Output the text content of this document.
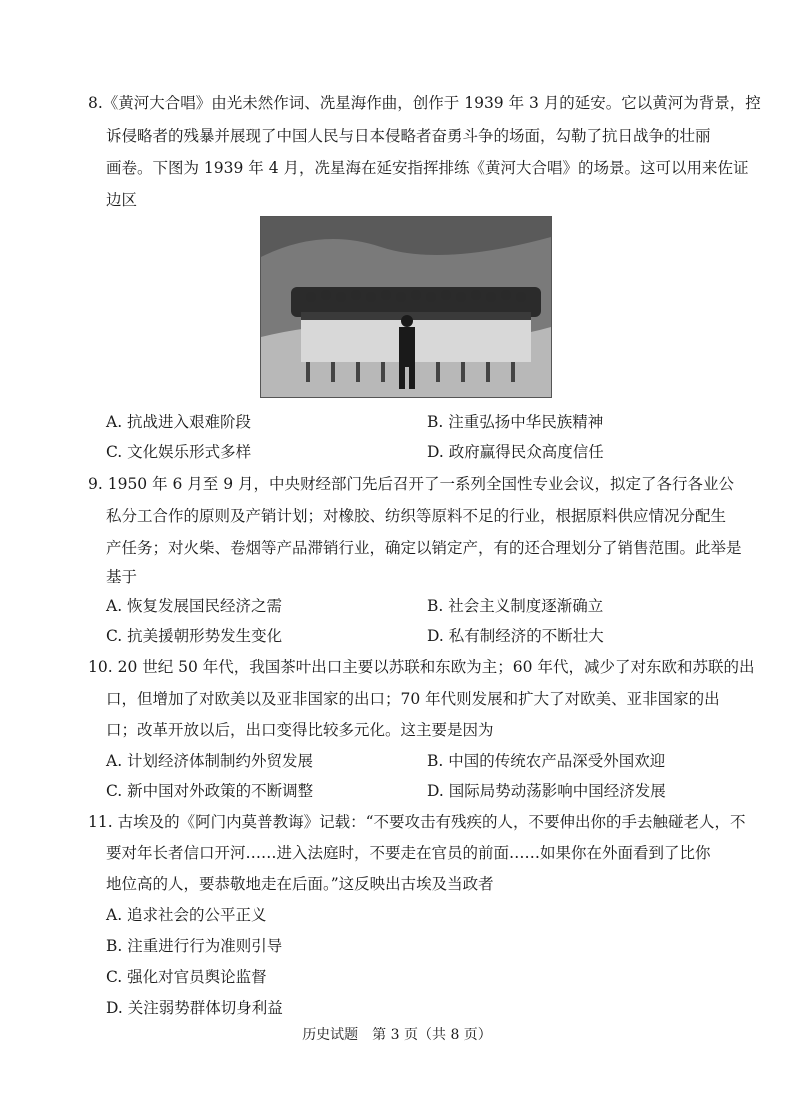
8.《黄河大合唱》由光未然作词、冼星海作曲，创作于 1939 年 3 月的延安。它以黄河为背景，控
诉侵略者的残暴并展现了中国人民与日本侵略者奋勇斗争的场面，勾勒了抗日战争的壮丽
画卷。下图为 1939 年 4 月，冼星海在延安指挥排练《黄河大合唱》的场景。这可以用来佐证
边区
A. 抗战进入艰难阶段	B. 注重弘扬中华民族精神
C. 文化娱乐形式多样	D. 政府赢得民众高度信任
9. 1950 年 6 月至 9 月，中央财经部门先后召开了一系列全国性专业会议，拟定了各行各业公
私分工合作的原则及产销计划；对橡胶、纺织等原料不足的行业，根据原料供应情况分配生
产任务；对火柴、卷烟等产品滞销行业，确定以销定产，有的还合理划分了销售范围。此举是
基于
A. 恢复发展国民经济之需	B. 社会主义制度逐渐确立
C. 抗美援朝形势发生变化	D. 私有制经济的不断壮大
10. 20 世纪 50 年代，我国茶叶出口主要以苏联和东欧为主；60 年代，减少了对东欧和苏联的出
口，但增加了对欧美以及亚非国家的出口；70 年代则发展和扩大了对欧美、亚非国家的出
口；改革开放以后，出口变得比较多元化。这主要是因为
A. 计划经济体制制约外贸发展	B. 中国的传统农产品深受外国欢迎
C. 新中国对外政策的不断调整	D. 国际局势动荡影响中国经济发展
11. 古埃及的《阿门内莫普教诲》记载：“不要攻击有残疾的人，不要伸出你的手去触碰老人，不
要对年长者信口开河……进入法庭时，不要走在官员的前面……如果你在外面看到了比你
地位高的人，要恭敬地走在后面。”这反映出古埃及当政者
A. 追求社会的公平正义
B. 注重进行行为准则引导
C. 强化对官员舆论监督
D. 关注弱势群体切身利益
历史试题　第 3 页（共 8 页）
